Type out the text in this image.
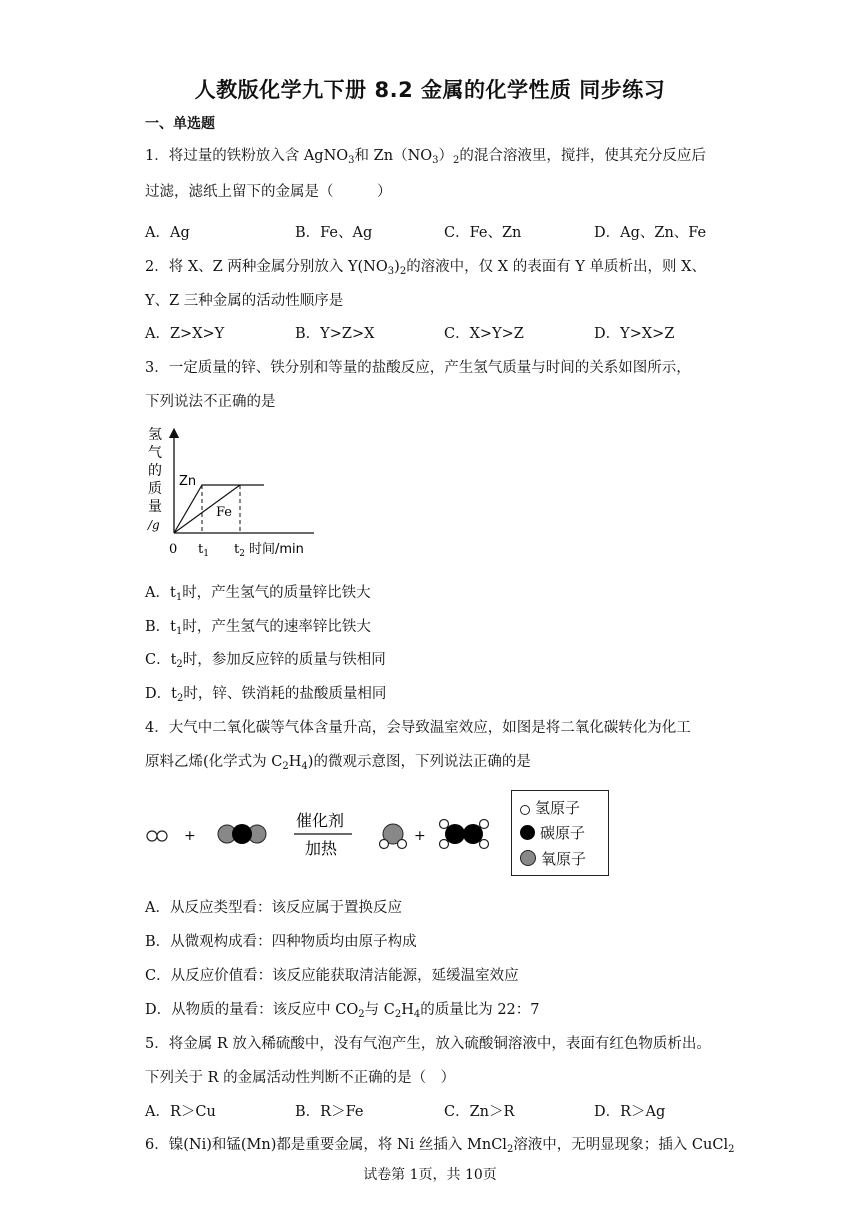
人教版化学九下册 8.2 金属的化学性质 同步练习
一、单选题
1．将过量的铁粉放入含 AgNO$_3$和 $Zn(NO_3)_2$的混合溶液里，搅拌，使其充分反应后
过滤，滤纸上留下的金属是（　　　）
A．Ag	B．Fe、Ag	C．Fe、Zn	D．Ag、Zn、Fe
2．将 X、Z 两种金属分别放入 $Y(NO_3)_2$的溶液中，仅 X 的表面有 Y 单质析出，则 X、
Y、Z 三种金属的活动性顺序是
A．Z>X>Y	B．Y>Z>X	C．X>Y>Z	D．Y>X>Z
3．一定质量的锌、铁分别和等量的盐酸反应，产生氢气质量与时间的关系如图所示，
下列说法不正确的是
氢
气
的
质
量
/g
Zn
Fe
0 $t_1$ $t_2$ 时间/min
A．$t_1$时，产生氢气的质量锌比铁大
B．$t_1$时，产生氢气的速率锌比铁大
C．$t_2$时，参加反应锌的质量与铁相同
D．$t_2$时，锌、铁消耗的盐酸质量相同
4．大气中二氧化碳等气体含量升高，会导致温室效应，如图是将二氧化碳转化为化工
原料乙烯(化学式为 $C_2H_4$)的微观示意图，下列说法正确的是
+
催化剂
加热
+
氢原子
碳原子
氧原子
A．从反应类型看：该反应属于置换反应
B．从微观构成看：四种物质均由原子构成
C．从反应价值看：该反应能获取清洁能源，延缓温室效应
D．从物质的量看：该反应中 $CO_2$与 $C_2H_4$的质量比为 22：7
5．将金属 R 放入稀硫酸中，没有气泡产生，放入硫酸铜溶液中，表面有红色物质析出。
下列关于 R 的金属活动性判断不正确的是（　）
A．R＞Cu	B．R＞Fe	C．Zn＞R	D．R＞Ag
6．镍(Ni)和锰(Mn)都是重要金属，将 Ni 丝插入 MnCl$_2$溶液中，无明显现象；插入 CuCl$_2$
试卷第 1页，共 10页
